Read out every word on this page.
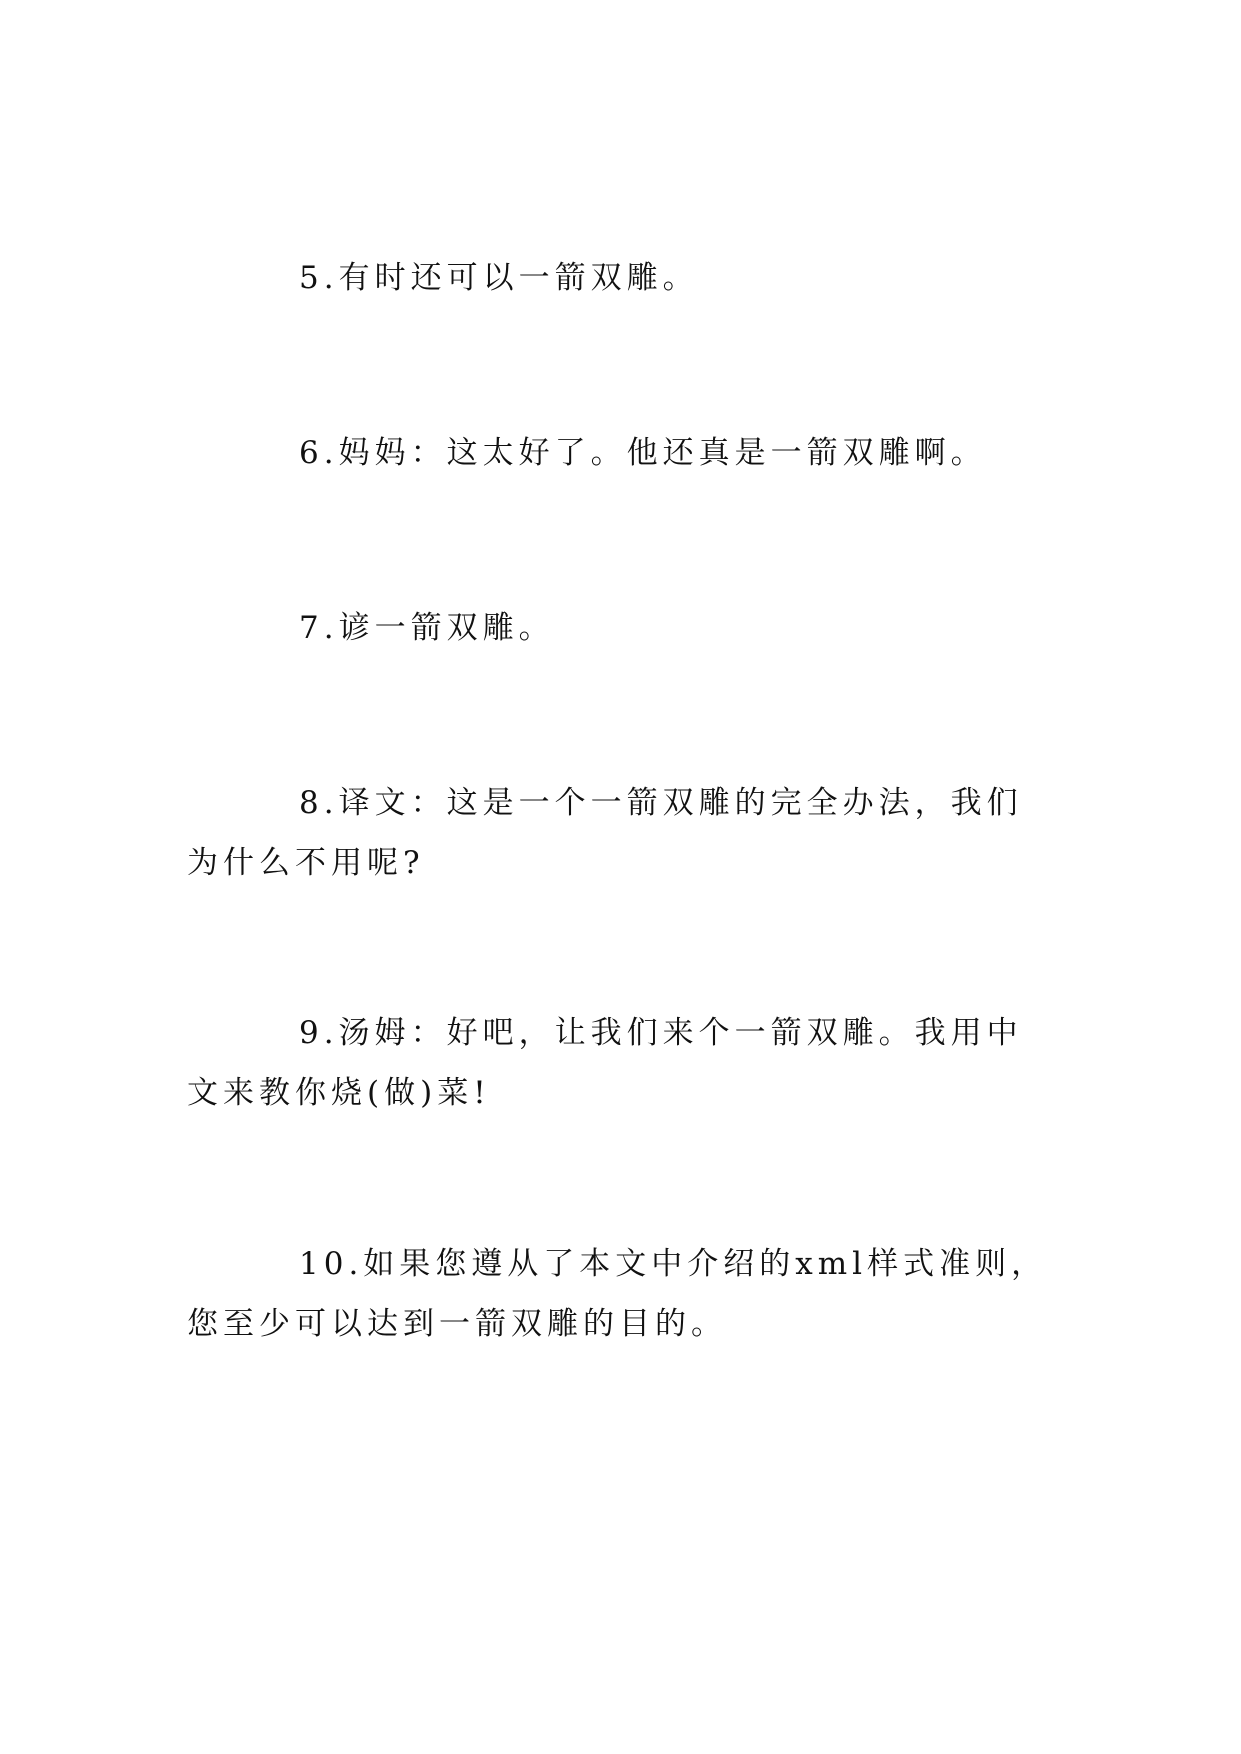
5.有时还可以一箭双雕。

6.妈妈：这太好了。他还真是一箭双雕啊。

7.谚一箭双雕。

8.译文：这是一个一箭双雕的完全办法，我们为什么不用呢?

9.汤姆：好吧，让我们来个一箭双雕。我用中文来教你烧(做)菜!

10.如果您遵从了本文中介绍的xml样式准则，您至少可以达到一箭双雕的目的。
